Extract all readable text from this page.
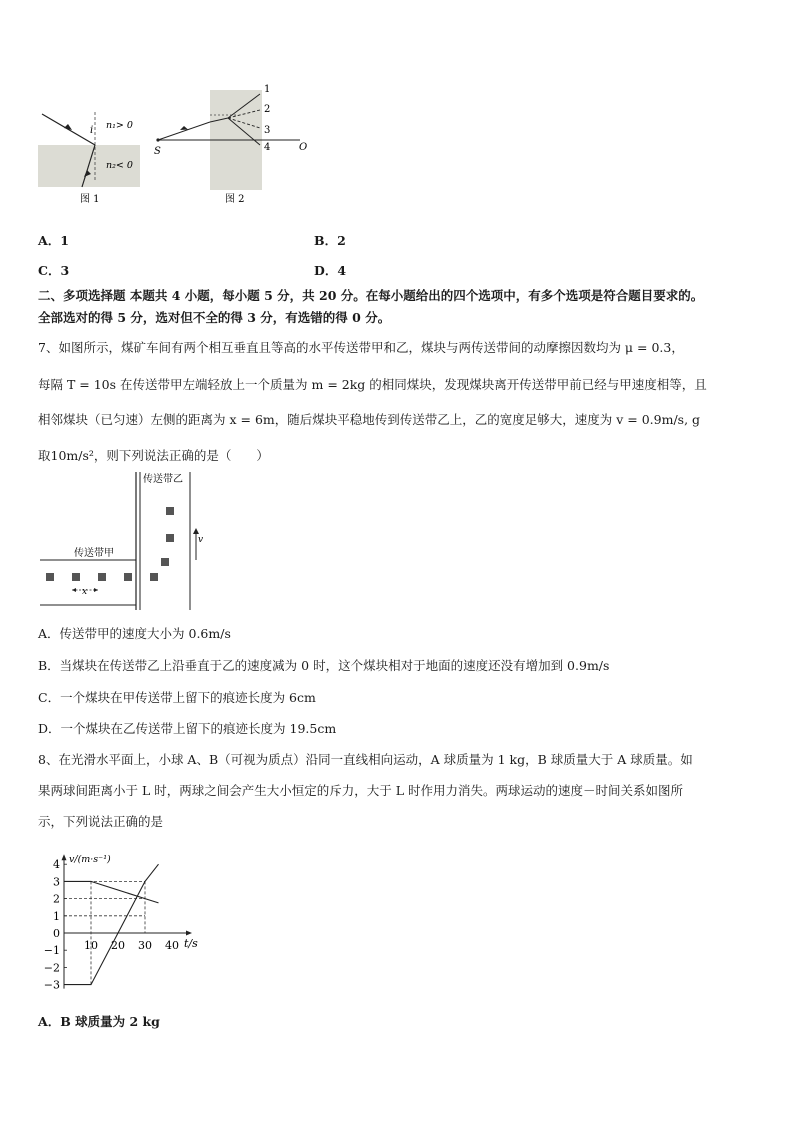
i n₁> 0
n₂< 0
图 1
1
2
3
4
S	O
图 2
A．1	B．2
C．3	D．4
二、多项选择题 本题共 4 小题，每小题 5 分，共 20 分。在每小题给出的四个选项中，有多个选项是符合题目要求的。
全部选对的得 5 分，选对但不全的得 3 分，有选错的得 0 分。
7、如图所示，煤矿车间有两个相互垂直且等高的水平传送带甲和乙，煤块与两传送带间的动摩擦因数均为 μ = 0.3，
每隔 T = 10s 在传送带甲左端轻放上一个质量为 m = 2kg 的相同煤块，发现煤块离开传送带甲前已经与甲速度相等，且
相邻煤块（已匀速）左侧的距离为 x = 6m，随后煤块平稳地传到传送带乙上，乙的宽度足够大，速度为 v = 0.9m/s, g
取10m/s²，则下列说法正确的是（　　）
x
v
传送带乙
传送带甲
A．传送带甲的速度大小为 0.6m/s
B．当煤块在传送带乙上沿垂直于乙的速度减为 0 时，这个煤块相对于地面的速度还没有增加到 0.9m/s
C．一个煤块在甲传送带上留下的痕迹长度为 6cm
D．一个煤块在乙传送带上留下的痕迹长度为 19.5cm
8、在光滑水平面上，小球 A、B（可视为质点）沿同一直线相向运动，A 球质量为 1 kg，B 球质量大于 A 球质量。如
果两球间距离小于 L 时，两球之间会产生大小恒定的斥力，大于 L 时作用力消失。两球运动的速度－时间关系如图所
示，下列说法正确的是
4
3
2
1
0
−1
−2
−3
10 20 30 40
v/(m·s⁻¹)
t/s
A．B 球质量为 2 kg
